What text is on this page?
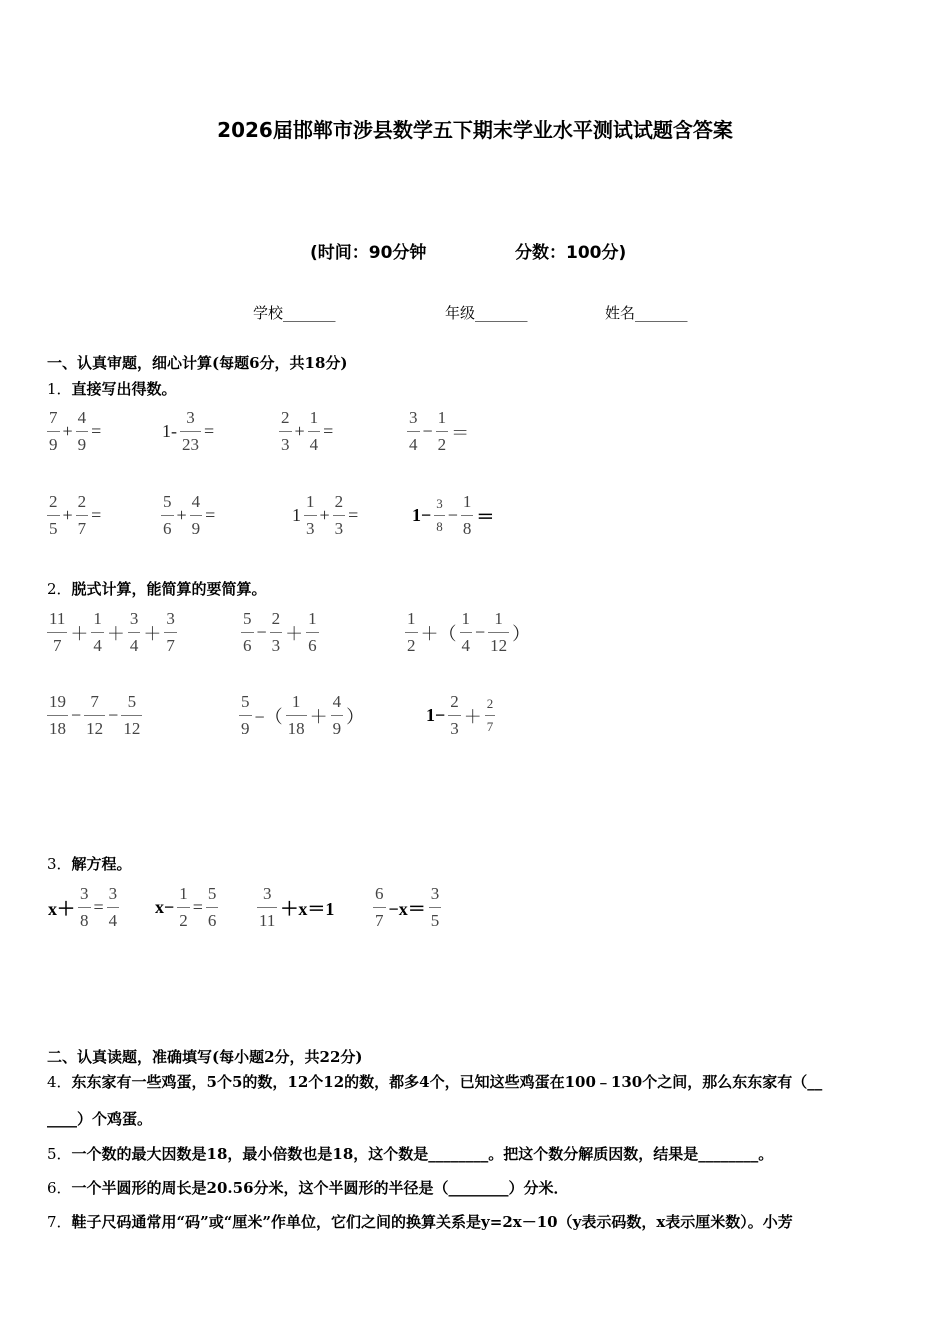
2026届邯郸市涉县数学五下期末学业水平测试试题含答案
(时间：90分钟	分数：100分)
学校_______	年级_______	姓名_______
一、认真审题，细心计算(每题6分，共18分)
1．直接写出得数。
$\frac{7}{9} + \frac{4}{9}$ =	$1- \frac{3}{23}$ =	$\frac{2}{3} + \frac{1}{4}$ =	$\frac{3}{4} - \frac{1}{2}$ ＝
$\frac{2}{5} + \frac{2}{7}$ =	$\frac{5}{6} + \frac{4}{9}$ =	$1 \frac{1}{3} + \frac{2}{3}$ =	$1- \frac{3}{8} - \frac{1}{8}$ ＝
2．脱式计算，能简算的要简算。
$\frac{11}{7} + \frac{1}{4} + \frac{3}{4} + \frac{3}{7}$	$\frac{5}{6} - \frac{2}{3} + \frac{1}{6}$	$\frac{1}{2}$ ＋（ $\frac{1}{4} - \frac{1}{12}$ ）
$\frac{19}{18} - \frac{7}{12} - \frac{5}{12}$	$\frac{5}{9}$ −（ $\frac{1}{18} + \frac{4}{9}$ ）	$1- \frac{2}{3} + \frac{2}{7}$
3．解方程。
$x+ \frac{3}{8} = \frac{3}{4} x- \frac{1}{2} = \frac{5}{6} \frac{3}{11} +x=1 \frac{6}{7} -x= \frac{3}{5}$
二、认真读题，准确填写(每小题2分，共22分)
4．东东家有一些鸡蛋，5个5的数，12个12的数，都多4个，已知这些鸡蛋在100﹣130个之间，那么东东家有（__
____）个鸡蛋。
5．一个数的最大因数是18，最小倍数也是18，这个数是________。把这个数分解质因数，结果是________。
6．一个半圆形的周长是20.56分米，这个半圆形的半径是（________）分米．
7．鞋子尺码通常用“码”或“厘米”作单位，它们之间的换算关系是y=2x－10（y表示码数，x表示厘米数）。小芳
